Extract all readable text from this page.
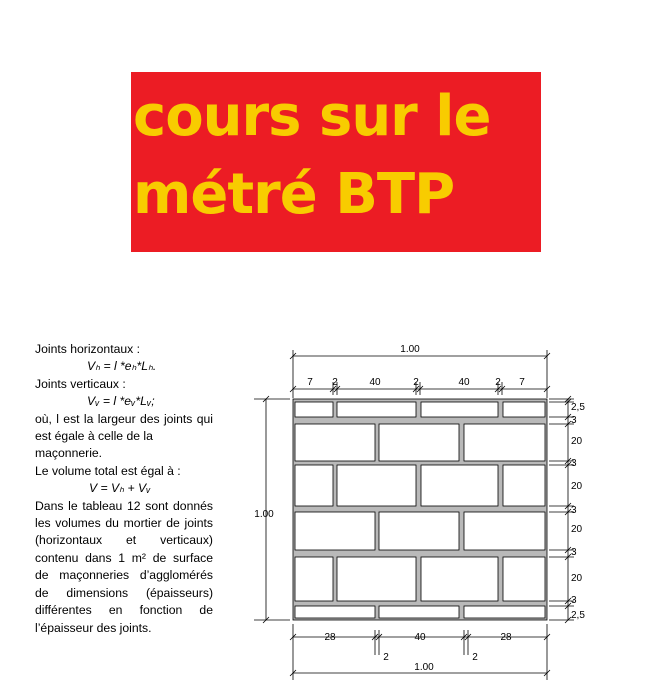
cours sur le
métré BTP

Joints horizontaux :

Vₕ = l *eₕ*Lₕ.

Joints verticaux :

Vᵥ = l *eᵥ*Lᵥ;

où, l est la largeur des joints qui est égale à celle de la

maçonnerie.

Le volume total est égal à :

V = Vₕ + Vᵥ

Dans le tableau 12 sont donnés les volumes du mortier de joints (horizontaux et verticaux) contenu dans 1 m² de surface de maçonneries d’agglomérés de dimensions (épaisseurs) différentes en fonction de

l’épaisseur des joints.

1.00
7 2	40	2	40	2 7
1.00
2,5
3
20
3
20
3
20
3
20
3
2,5
28	40	28
2	2
1.00
